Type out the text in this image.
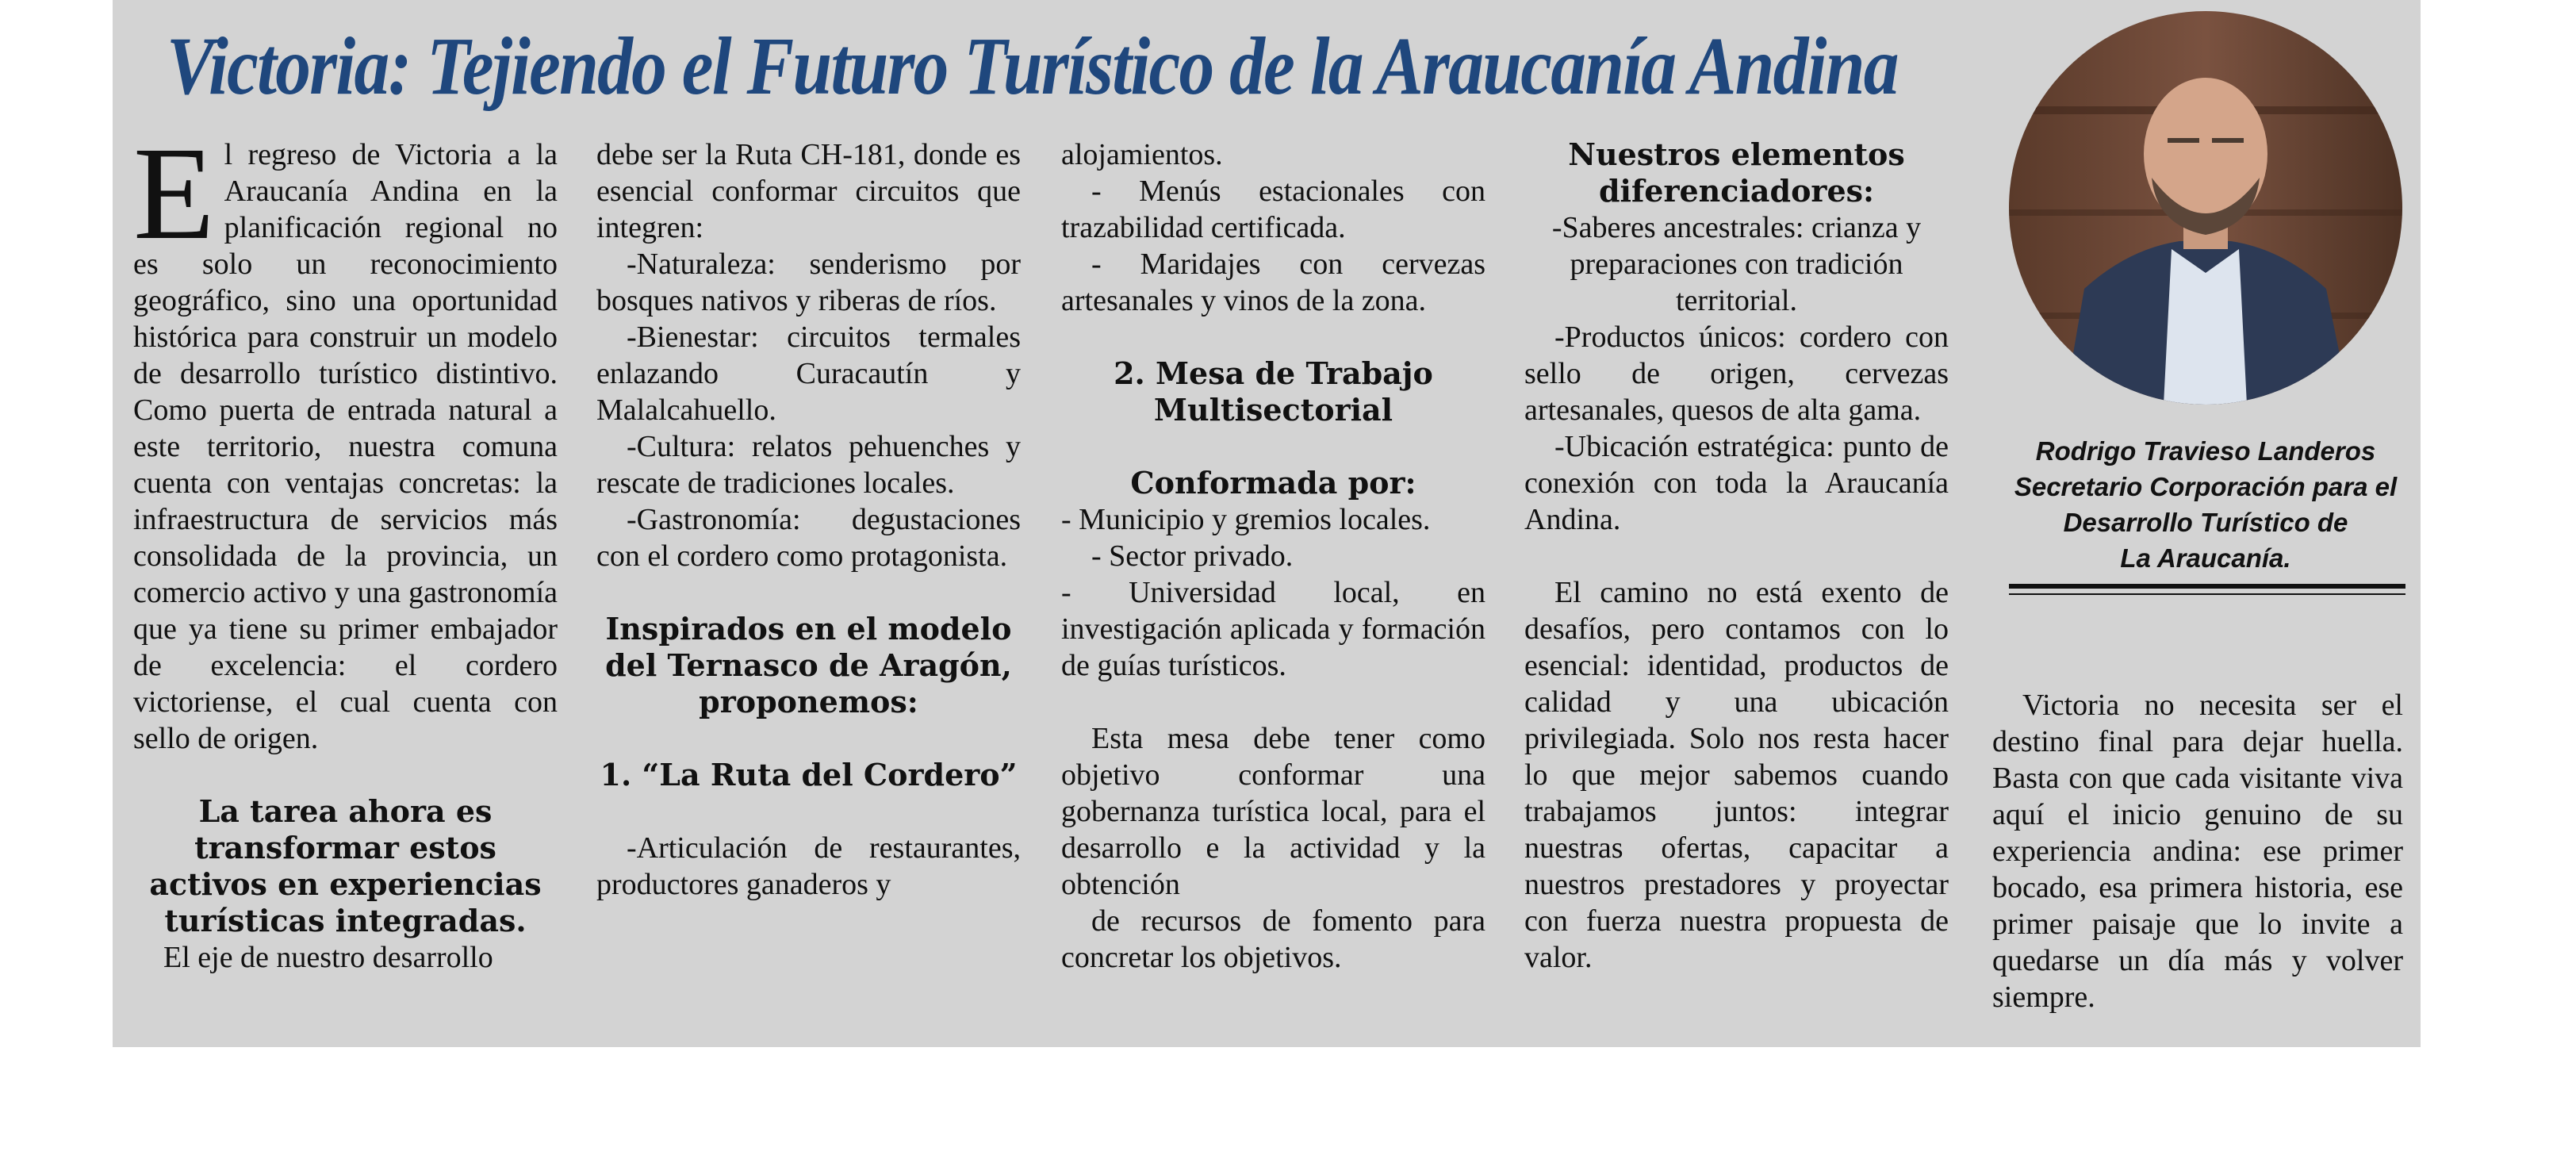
Victoria: Tejiendo el Futuro Turístico de la Araucanía Andina

El regreso de Victoria a la Araucanía Andina en la planificación regional no es solo un reconocimiento geográfico, sino una oportunidad histórica para construir un modelo de desarrollo turístico distintivo. Como puerta de entrada natural a este territorio, nuestra comuna cuenta con ventajas concretas: la infraestructura de servicios más consolidada de la provincia, un comercio activo y una gastronomía que ya tiene su primer embajador de excelencia: el cordero victoriense, el cual cuenta con sello de origen.

La tarea ahora es transformar estos activos en experiencias turísticas integradas.

El eje de nuestro desarrollo

debe ser la Ruta CH-181, donde es esencial conformar circuitos que integren:

-Naturaleza: senderismo por bosques nativos y riberas de ríos.

-Bienestar: circuitos termales enlazando Curacautín y Malalcahuello.

-Cultura: relatos pehuenches y rescate de tradiciones locales.

-Gastronomía: degustaciones con el cordero como protagonista.

Inspirados en el modelo del Ternasco de Aragón, proponemos:

1. “La Ruta del Cordero”

-Articulación de restaurantes, productores ganaderos y

alojamientos.

- Menús estacionales con trazabilidad certificada.

- Maridajes con cervezas artesanales y vinos de la zona.

2. Mesa de Trabajo Multisectorial

Conformada por:

- Municipio y gremios locales.

- Sector privado.

- Universidad local, en investigación aplicada y formación de guías turísticos.

Esta mesa debe tener como objetivo conformar una gobernanza turística local, para el desarrollo e la actividad y la obtención

de recursos de fomento para concretar los objetivos.

Nuestros elementos diferenciadores:

-Saberes ancestrales: crianza y preparaciones con tradición territorial.

-Productos únicos: cordero con sello de origen, cervezas artesanales, quesos de alta gama.

-Ubicación estratégica: punto de conexión con toda la Araucanía Andina.

El camino no está exento de desafíos, pero contamos con lo esencial: identidad, productos de calidad y una ubicación privilegiada. Solo nos resta hacer lo que mejor sabemos cuando trabajamos juntos: integrar nuestras ofertas, capacitar a nuestros prestadores y proyectar con fuerza nuestra propuesta de valor.

Rodrigo Travieso Landeros
Secretario Corporación para el
Desarrollo Turístico de
La Araucanía.

Victoria no necesita ser el destino final para dejar huella. Basta con que cada visitante viva aquí el inicio genuino de su experiencia andina: ese primer bocado, esa primera historia, ese primer paisaje que lo invite a quedarse un día más y volver siempre.
